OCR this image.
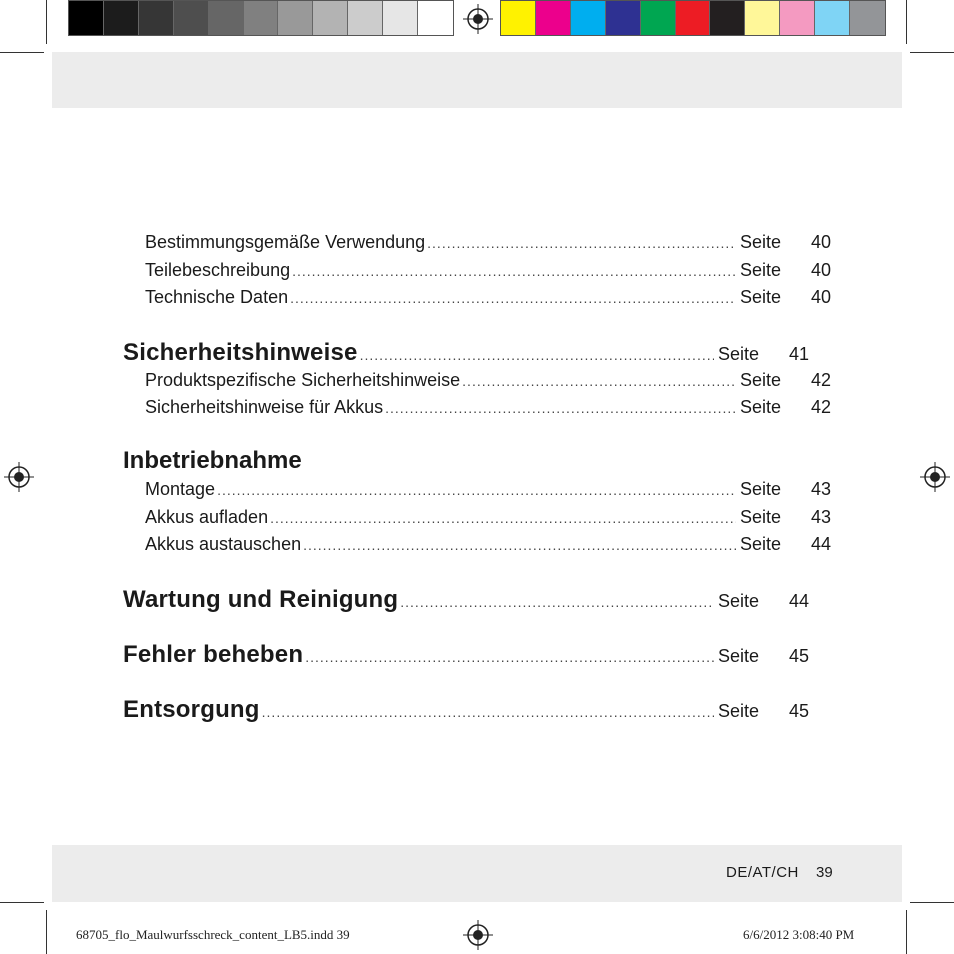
Bestimmungsgemäße Verwendung .....	Seite	40
Teilebeschreibung .....	Seite	40
Technische Daten .....	Seite	40
Sicherheitshinweise .....	Seite	41
Produktspezifische Sicherheitshinweise .....	Seite	42
Sicherheitshinweise für Akkus .....	Seite	42
Montage .....	Seite	43
Akkus aufladen .....	Seite	43
Akkus austauschen .....	Seite	44
Wartung und Reinigung .....	Seite	44
Fehler beheben .....	Seite	45
Entsorgung .....	Seite	45
Inbetriebnahme
DE/AT/CH 39
68705_flo_Maulwurfsschreck_content_LB5.indd 39	6/6/2012 3:08:40 PM
